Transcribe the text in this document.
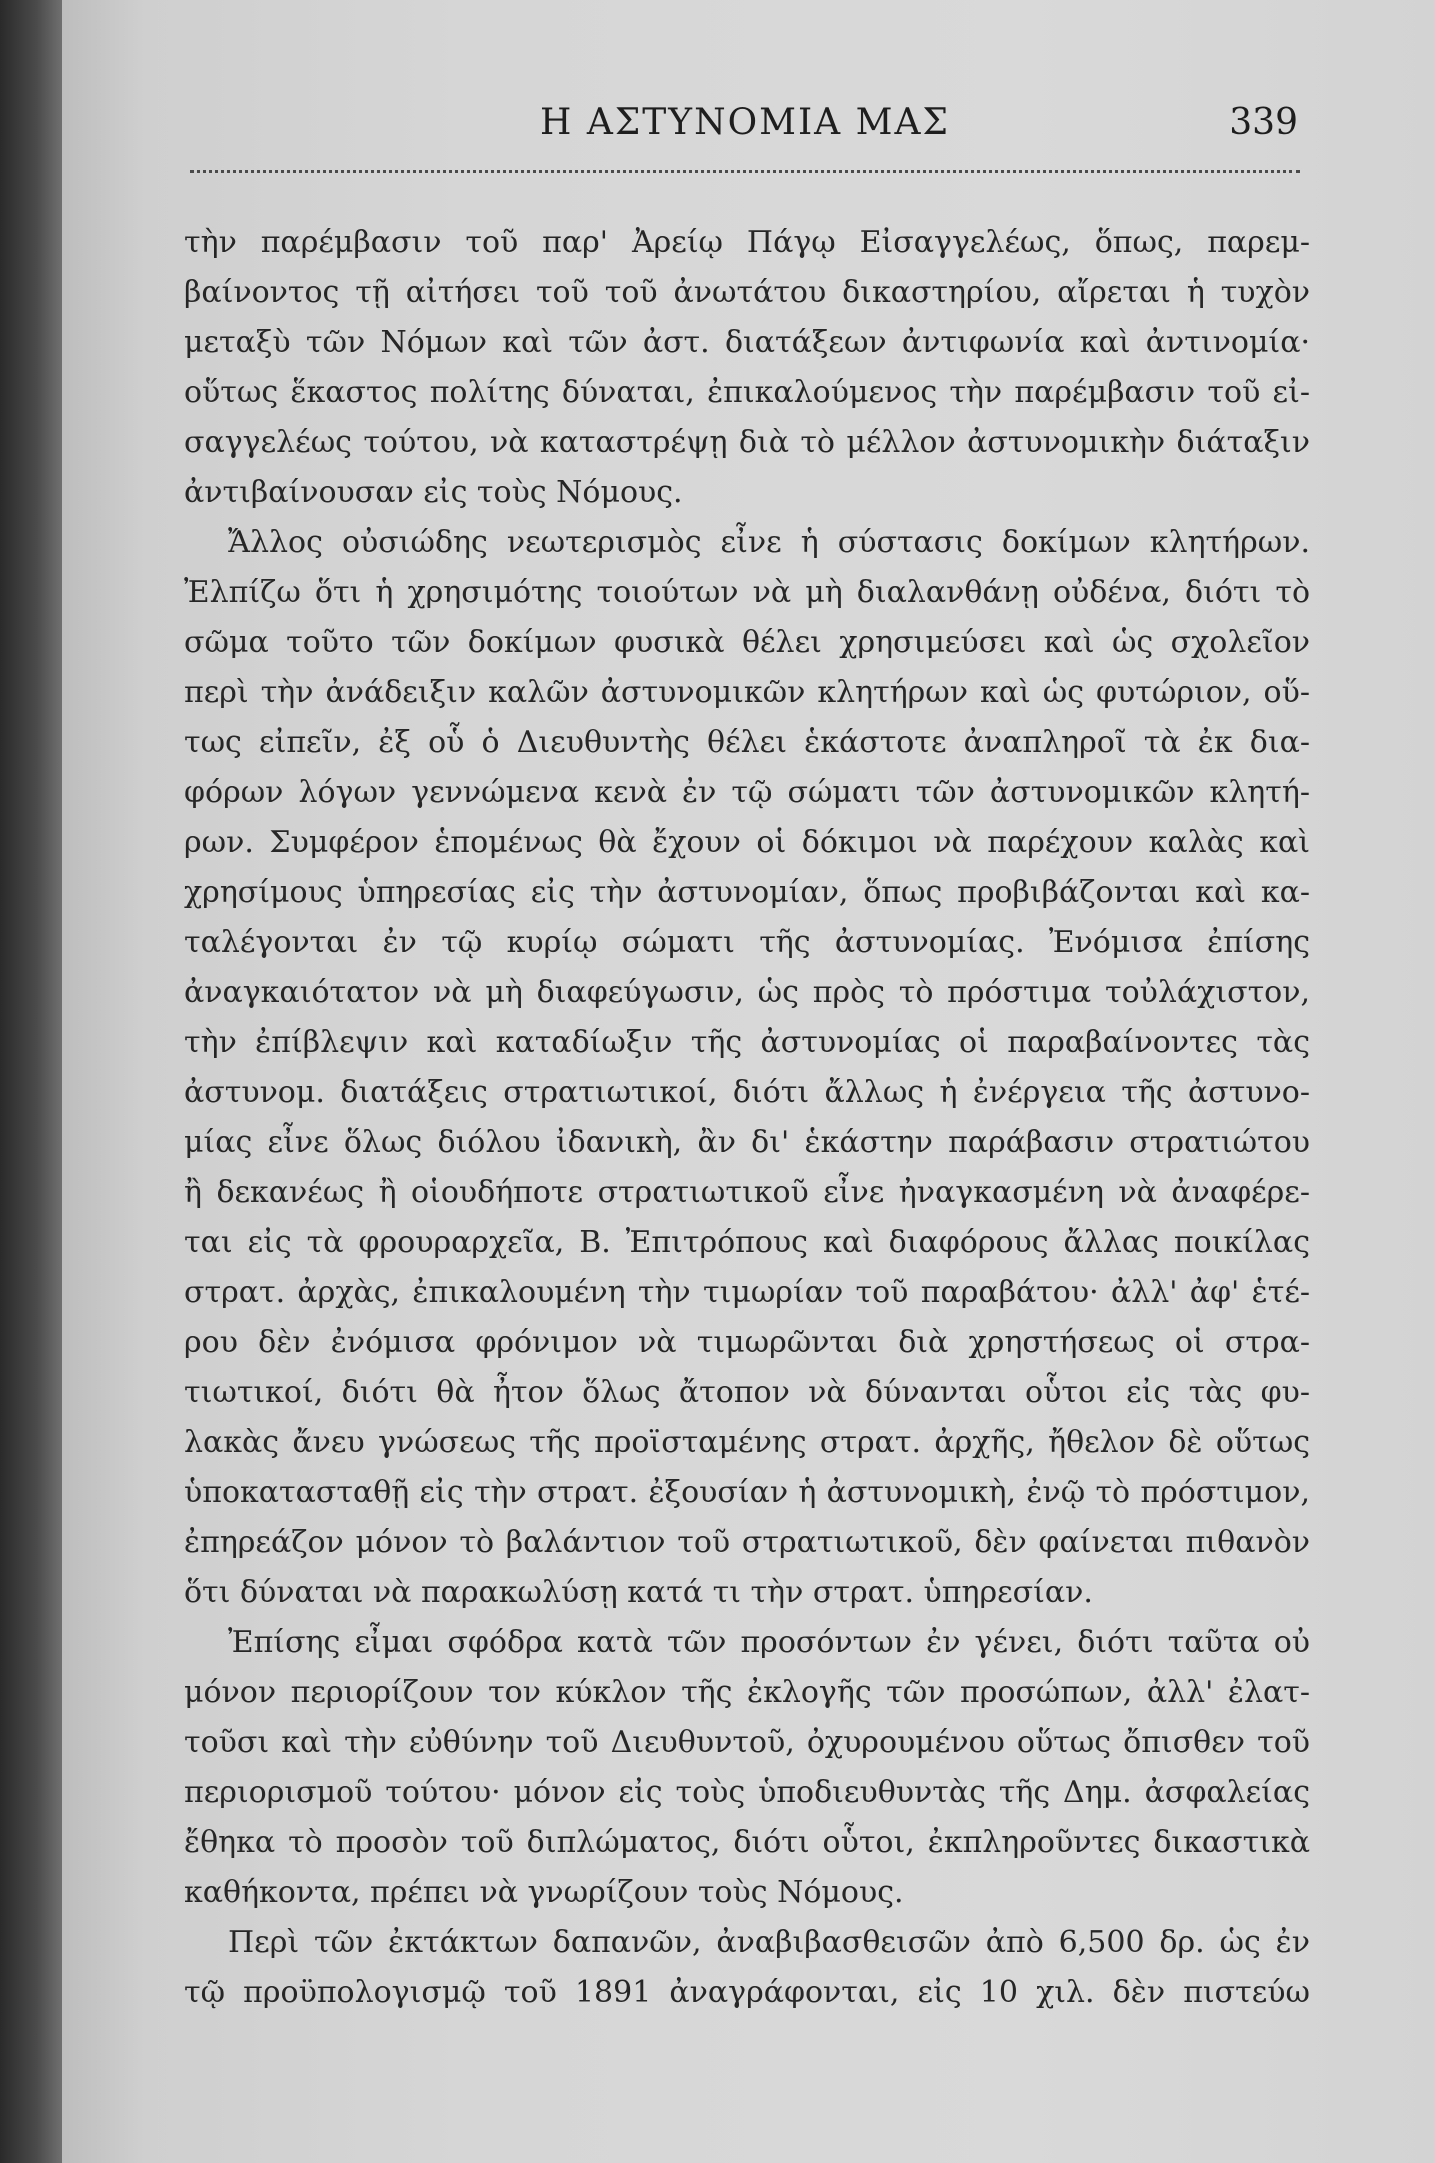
Η ΑΣΤΥΝΟΜΙΑ ΜΑΣ	339
τὴν παρέμβασιν τοῦ παρ' Ἀρείῳ Πάγῳ Εἰσαγγελέως, ὅπως, παρεμ-
βαίνοντος τῇ αἰτήσει τοῦ τοῦ ἀνωτάτου δικαστηρίου, αἴρεται ἡ τυχὸν
μεταξὺ τῶν Νόμων καὶ τῶν ἀστ. διατάξεων ἀντιφωνία καὶ ἀντινομία·
οὕτως ἕκαστος πολίτης δύναται, ἐπικαλούμενος τὴν παρέμβασιν τοῦ εἰ-
σαγγελέως τούτου, νὰ καταστρέψῃ διὰ τὸ μέλλον ἀστυνομικὴν διάταξιν
ἀντιβαίνουσαν εἰς τοὺς Νόμους.
Ἄλλος οὐσιώδης νεωτερισμὸς εἶνε ἡ σύστασις δοκίμων κλητήρων.
Ἐλπίζω ὅτι ἡ χρησιμότης τοιούτων νὰ μὴ διαλανθάνῃ οὐδένα, διότι τὸ
σῶμα τοῦτο τῶν δοκίμων φυσικὰ θέλει χρησιμεύσει καὶ ὡς σχολεῖον
περὶ τὴν ἀνάδειξιν καλῶν ἀστυνομικῶν κλητήρων καὶ ὡς φυτώριον, οὕ-
τως εἰπεῖν, ἐξ οὗ ὁ Διευθυντὴς θέλει ἑκάστοτε ἀναπληροῖ τὰ ἐκ δια-
φόρων λόγων γεννώμενα κενὰ ἐν τῷ σώματι τῶν ἀστυνομικῶν κλητή-
ρων. Συμφέρον ἑπομένως θὰ ἔχουν οἱ δόκιμοι νὰ παρέχουν καλὰς καὶ
χρησίμους ὑπηρεσίας εἰς τὴν ἀστυνομίαν, ὅπως προβιβάζονται καὶ κα-
ταλέγονται ἐν τῷ κυρίῳ σώματι τῆς ἀστυνομίας. Ἐνόμισα ἐπίσης
ἀναγκαιότατον νὰ μὴ διαφεύγωσιν, ὡς πρὸς τὸ πρόστιμα τοὐλάχιστον,
τὴν ἐπίβλεψιν καὶ καταδίωξιν τῆς ἀστυνομίας οἱ παραβαίνοντες τὰς
ἀστυνομ. διατάξεις στρατιωτικοί, διότι ἄλλως ἡ ἐνέργεια τῆς ἀστυνο-
μίας εἶνε ὅλως διόλου ἰδανικὴ, ἂν δι' ἑκάστην παράβασιν στρατιώτου
ἢ δεκανέως ἢ οἱουδήποτε στρατιωτικοῦ εἶνε ἠναγκασμένη νὰ ἀναφέρε-
ται εἰς τὰ φρουραρχεῖα, Β. Ἐπιτρόπους καὶ διαφόρους ἄλλας ποικίλας
στρατ. ἀρχὰς, ἐπικαλουμένη τὴν τιμωρίαν τοῦ παραβάτου· ἀλλ' ἀφ' ἑτέ-
ρου δὲν ἐνόμισα φρόνιμον νὰ τιμωρῶνται διὰ χρηστήσεως οἱ στρα-
τιωτικοί, διότι θὰ ἦτον ὅλως ἄτοπον νὰ δύνανται οὗτοι εἰς τὰς φυ-
λακὰς ἄνευ γνώσεως τῆς προϊσταμένης στρατ. ἀρχῆς, ἤθελον δὲ οὕτως
ὑποκατασταθῇ εἰς τὴν στρατ. ἐξουσίαν ἡ ἀστυνομικὴ, ἐνῷ τὸ πρόστιμον,
ἐπηρεάζον μόνον τὸ βαλάντιον τοῦ στρατιωτικοῦ, δὲν φαίνεται πιθανὸν
ὅτι δύναται νὰ παρακωλύσῃ κατά τι τὴν στρατ. ὑπηρεσίαν.
Ἐπίσης εἶμαι σφόδρα κατὰ τῶν προσόντων ἐν γένει, διότι ταῦτα οὐ
μόνον περιορίζουν τον κύκλον τῆς ἐκλογῆς τῶν προσώπων, ἀλλ' ἐλατ-
τοῦσι καὶ τὴν εὐθύνην τοῦ Διευθυντοῦ, ὀχυρουμένου οὕτως ὄπισθεν τοῦ
περιορισμοῦ τούτου· μόνον εἰς τοὺς ὑποδιευθυντὰς τῆς Δημ. ἀσφαλείας
ἔθηκα τὸ προσὸν τοῦ διπλώματος, διότι οὗτοι, ἐκπληροῦντες δικαστικὰ
καθήκοντα, πρέπει νὰ γνωρίζουν τοὺς Νόμους.
Περὶ τῶν ἐκτάκτων δαπανῶν, ἀναβιβασθεισῶν ἀπὸ 6,500 δρ. ὡς ἐν
τῷ προϋπολογισμῷ τοῦ 1891 ἀναγράφονται, εἰς 10 χιλ. δὲν πιστεύω
